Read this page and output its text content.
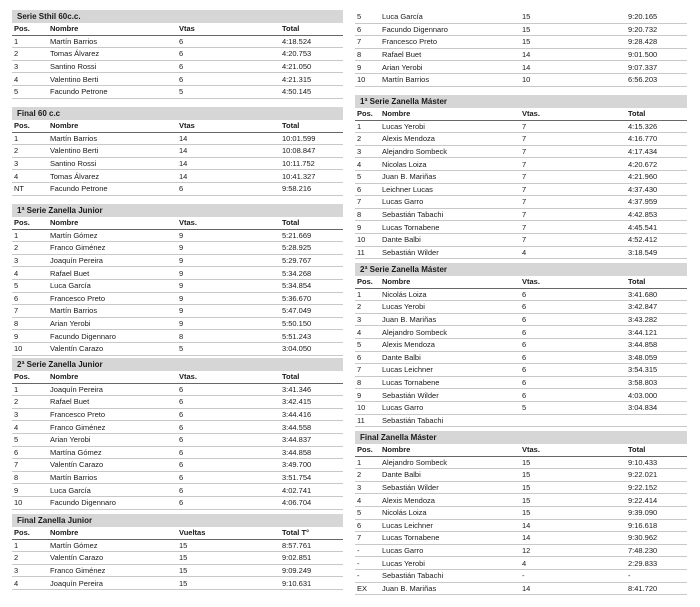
Serie Sthil 60c.c.
Pos.	Nombre	Vtas	Total
1	Martín Barrios	6	4:18.524
2	Tomas Álvarez	6	4:20.753
3	Santino Rossi	6	4:21.050
4	Valentino Berti	6	4:21.315
5	Facundo Petrone	5	4:50.145
Final 60 c.c
Pos.	Nombre	Vtas	Total
1	Martín Barrios	14	10:01.599
2	Valentino Berti	14	10:08.847
3	Santino Rossi	14	10:11.752
4	Tomas Álvarez	14	10:41.327
NT	Facundo Petrone	6	9:58.216
1ª Serie Zanella Junior
Pos.	Nombre	Vtas.	Total
1	Martín Gómez	9	5:21.669
2	Franco Giménez	9	5:28.925
3	Joaquín Pereira	9	5:29.767
4	Rafael Buet	9	5:34.268
5	Luca García	9	5:34.854
6	Francesco Preto	9	5:36.670
7	Martín Barrios	9	5:47.049
8	Arian Yerobi	9	5:50.150
9	Facundo Digennaro	8	5:51.243
10	Valentín Carazo	5	3:04.050
2ª Serie Zanella Junior
Pos.	Nombre	Vtas.	Total
1	Joaquín Pereira	6	3:41.346
2	Rafael Buet	6	3:42.415
3	Francesco Preto	6	3:44.416
4	Franco Giménez	6	3:44.558
5	Arian Yerobi	6	3:44.837
6	Martína Gómez	6	3:44.858
7	Valentín Carazo	6	3:49.700
8	Martín Barrios	6	3:51.754
9	Luca García	6	4:02.741
10	Facundo Digennaro	6	4:06.704
Final Zanella Junior
Pos.	Nombre	Vueltas	Total T°
1	Martín Gómez	15	8:57.761
2	Valentín Carazo	15	9:02.851
3	Franco Giménez	15	9:09.249
4	Joaquín Pereira	15	9:10.631
5	Luca García	15	9:20.165
6	Facundo Digennaro	15	9:20.732
7	Francesco Preto	15	9:28.428
8	Rafael Buet	14	9:01.500
9	Arian Yerobi	14	9:07.337
10	Martín Barrios	10	6:56.203
1ª Serie Zanella Máster
Pos.	Nombre	Vtas.	Total
1	Lucas Yerobi	7	4:15.326
2	Alexis Mendoza	7	4:16.770
3	Alejandro Sombeck	7	4:17.434
4	Nicolas Loiza	7	4:20.672
5	Juan B. Mariñas	7	4:21.960
6	Leichner Lucas	7	4:37.430
7	Lucas Garro	7	4:37.959
8	Sebastián Tabachi	7	4:42.853
9	Lucas Tornabene	7	4:45.541
10	Dante Balbi	7	4:52.412
11	Sebastián Wilder	4	3:18.549
2ª Serie Zanella Máster
Pos.	Nombre	Vtas.	Total
1	Nicolás Loiza	6	3:41.680
2	Lucas Yerobi	6	3:42.847
3	Juan B. Mariñas	6	3:43.282
4	Alejandro Sombeck	6	3:44.121
5	Alexis Mendoza	6	3:44.858
6	Dante Balbi	6	3:48.059
7	Lucas Leichner	6	3:54.315
8	Lucas Tornabene	6	3:58.803
9	Sebastián Wilder	6	4:03.000
10	Lucas Garro	5	3:04.834
11	Sebastián Tabachi		
Final Zanella Máster
Pos.	Nombre	Vtas.	Total
1	Alejandro Sombeck	15	9:10.433
2	Dante Balbi	15	9:22.021
3	Sebastián Wilder	15	9:22.152
4	Alexis Mendoza	15	9:22.414
5	Nicolás Loiza	15	9:39.090
6	Lucas Leichner	14	9:16.618
7	Lucas Tornabene	14	9:30.962
-	Lucas Garro	12	7:48.230
-	Lucas Yerobi	4	2:29.833
-	Sebastián Tabachi	-	-
EX	Juan B. Mariñas	14	8:41.720
